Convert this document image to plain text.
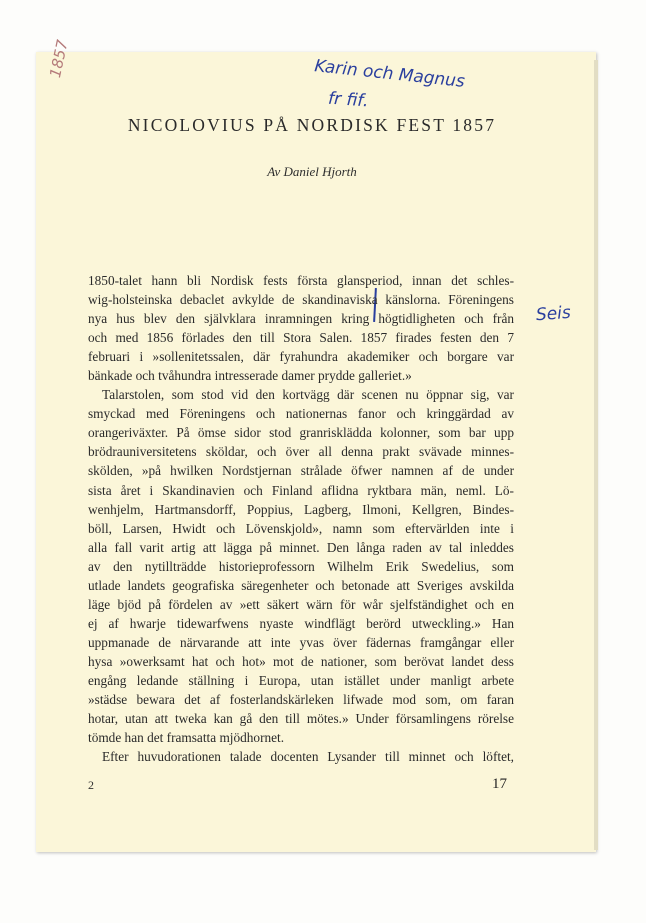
1857	Karin och Magnus
fr fif.
Seis
NICOLOVIUS PÅ NORDISK FEST 1857
Av Daniel Hjorth
1850-talet hann bli Nordisk fests första glansperiod, innan det schles-
wig-holsteinska debaclet avkylde de skandinaviska känslorna. Föreningens
nya hus blev den självklara inramningen kring högtidligheten och från
och med 1856 förlades den till Stora Salen. 1857 firades festen den 7
februari i »sollenitetssalen, där fyrahundra akademiker och borgare var
bänkade och tvåhundra intresserade damer prydde galleriet.»
Talarstolen, som stod vid den kortvägg där scenen nu öppnar sig, var
smyckad med Föreningens och nationernas fanor och kringgärdad av
orangeriväxter. På ömse sidor stod granrisklädda kolonner, som bar upp
brödrauniversitetens sköldar, och över all denna prakt svävade minnes-
skölden, »på hwilken Nordstjernan strålade öfwer namnen af de under
sista året i Skandinavien och Finland aflidna ryktbara män, neml. Lö-
wenhjelm, Hartmansdorff, Poppius, Lagberg, Ilmoni, Kellgren, Bindes-
böll, Larsen, Hwidt och Lövenskjold», namn som eftervärlden inte i
alla fall varit artig att lägga på minnet. Den långa raden av tal inleddes
av den nytillträdde historieprofessorn Wilhelm Erik Swedelius, som
utlade landets geografiska säregenheter och betonade att Sveriges avskilda
läge bjöd på fördelen av »ett säkert wärn för wår sjelfständighet och en
ej af hwarje tidewarfwens nyaste windflägt berörd utweckling.» Han
uppmanade de närvarande att inte yvas över fädernas framgångar eller
hysa »owerksamt hat och hot» mot de nationer, som berövat landet dess
engång ledande ställning i Europa, utan istället under manligt arbete
»städse bewara det af fosterlandskärleken lifwade mod som, om faran
hotar, utan att tweka kan gå den till mötes.» Under församlingens rörelse
tömde han det framsatta mjödhornet.
Efter huvudorationen talade docenten Lysander till minnet och löftet,
2	17
